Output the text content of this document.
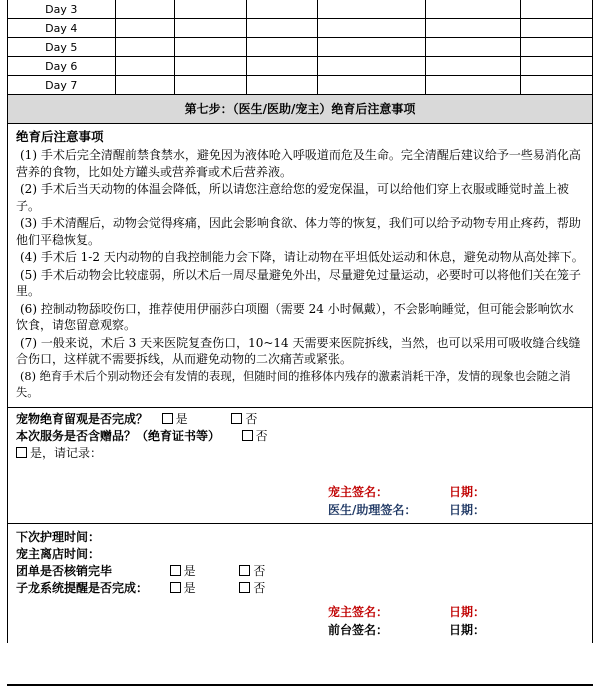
Day 3						
Day 4						
Day 5						
Day 6						
Day 7						
第七步：（医生/医助/宠主）绝育后注意事项
绝育后注意事项

(1) 手术后完全清醒前禁食禁水，避免因为液体呛入呼吸道而危及生命。完全清醒后建议给予一些易消化高营养的食物，比如处方罐头或营养膏或术后营养液。

(2) 手术后当天动物的体温会降低，所以请您注意给您的爱宠保温，可以给他们穿上衣服或睡觉时盖上被子。

(3) 手术清醒后，动物会觉得疼痛，因此会影响食欲、体力等的恢复，我们可以给予动物专用止疼药，帮助他们平稳恢复。

(4) 手术后 1-2 天内动物的自我控制能力会下降，请让动物在平坦低处运动和休息，避免动物从高处摔下。

(5) 手术后动物会比较虚弱，所以术后一周尽量避免外出，尽量避免过量运动，必要时可以将他们关在笼子里。

(6) 控制动物舔咬伤口，推荐使用伊丽莎白项圈（需要 24 小时佩戴），不会影响睡觉，但可能会影响饮水饮食，请您留意观察。

(7) 一般来说，术后 3 天来医院复查伤口，10~14 天需要来医院拆线，当然，也可以采用可吸收缝合线缝合伤口，这样就不需要拆线，从而避免动物的二次痛苦或紧张。

(8) 绝育手术后个别动物还会有发情的表现，但随时间的推移体内残存的激素消耗干净，发情的现象也会随之消失。

宠物绝育留观是否完成？ 是	否
本次服务是否含赠品？（绝育证书等）	否
是，请记录：
宠主签名：	日期：
医生/助理签名：	日期：
下次护理时间：
宠主离店时间：
团单是否核销完毕	是	否
子龙系统提醒是否完成：	是	否
宠主签名：	日期：
前台签名：	日期：
